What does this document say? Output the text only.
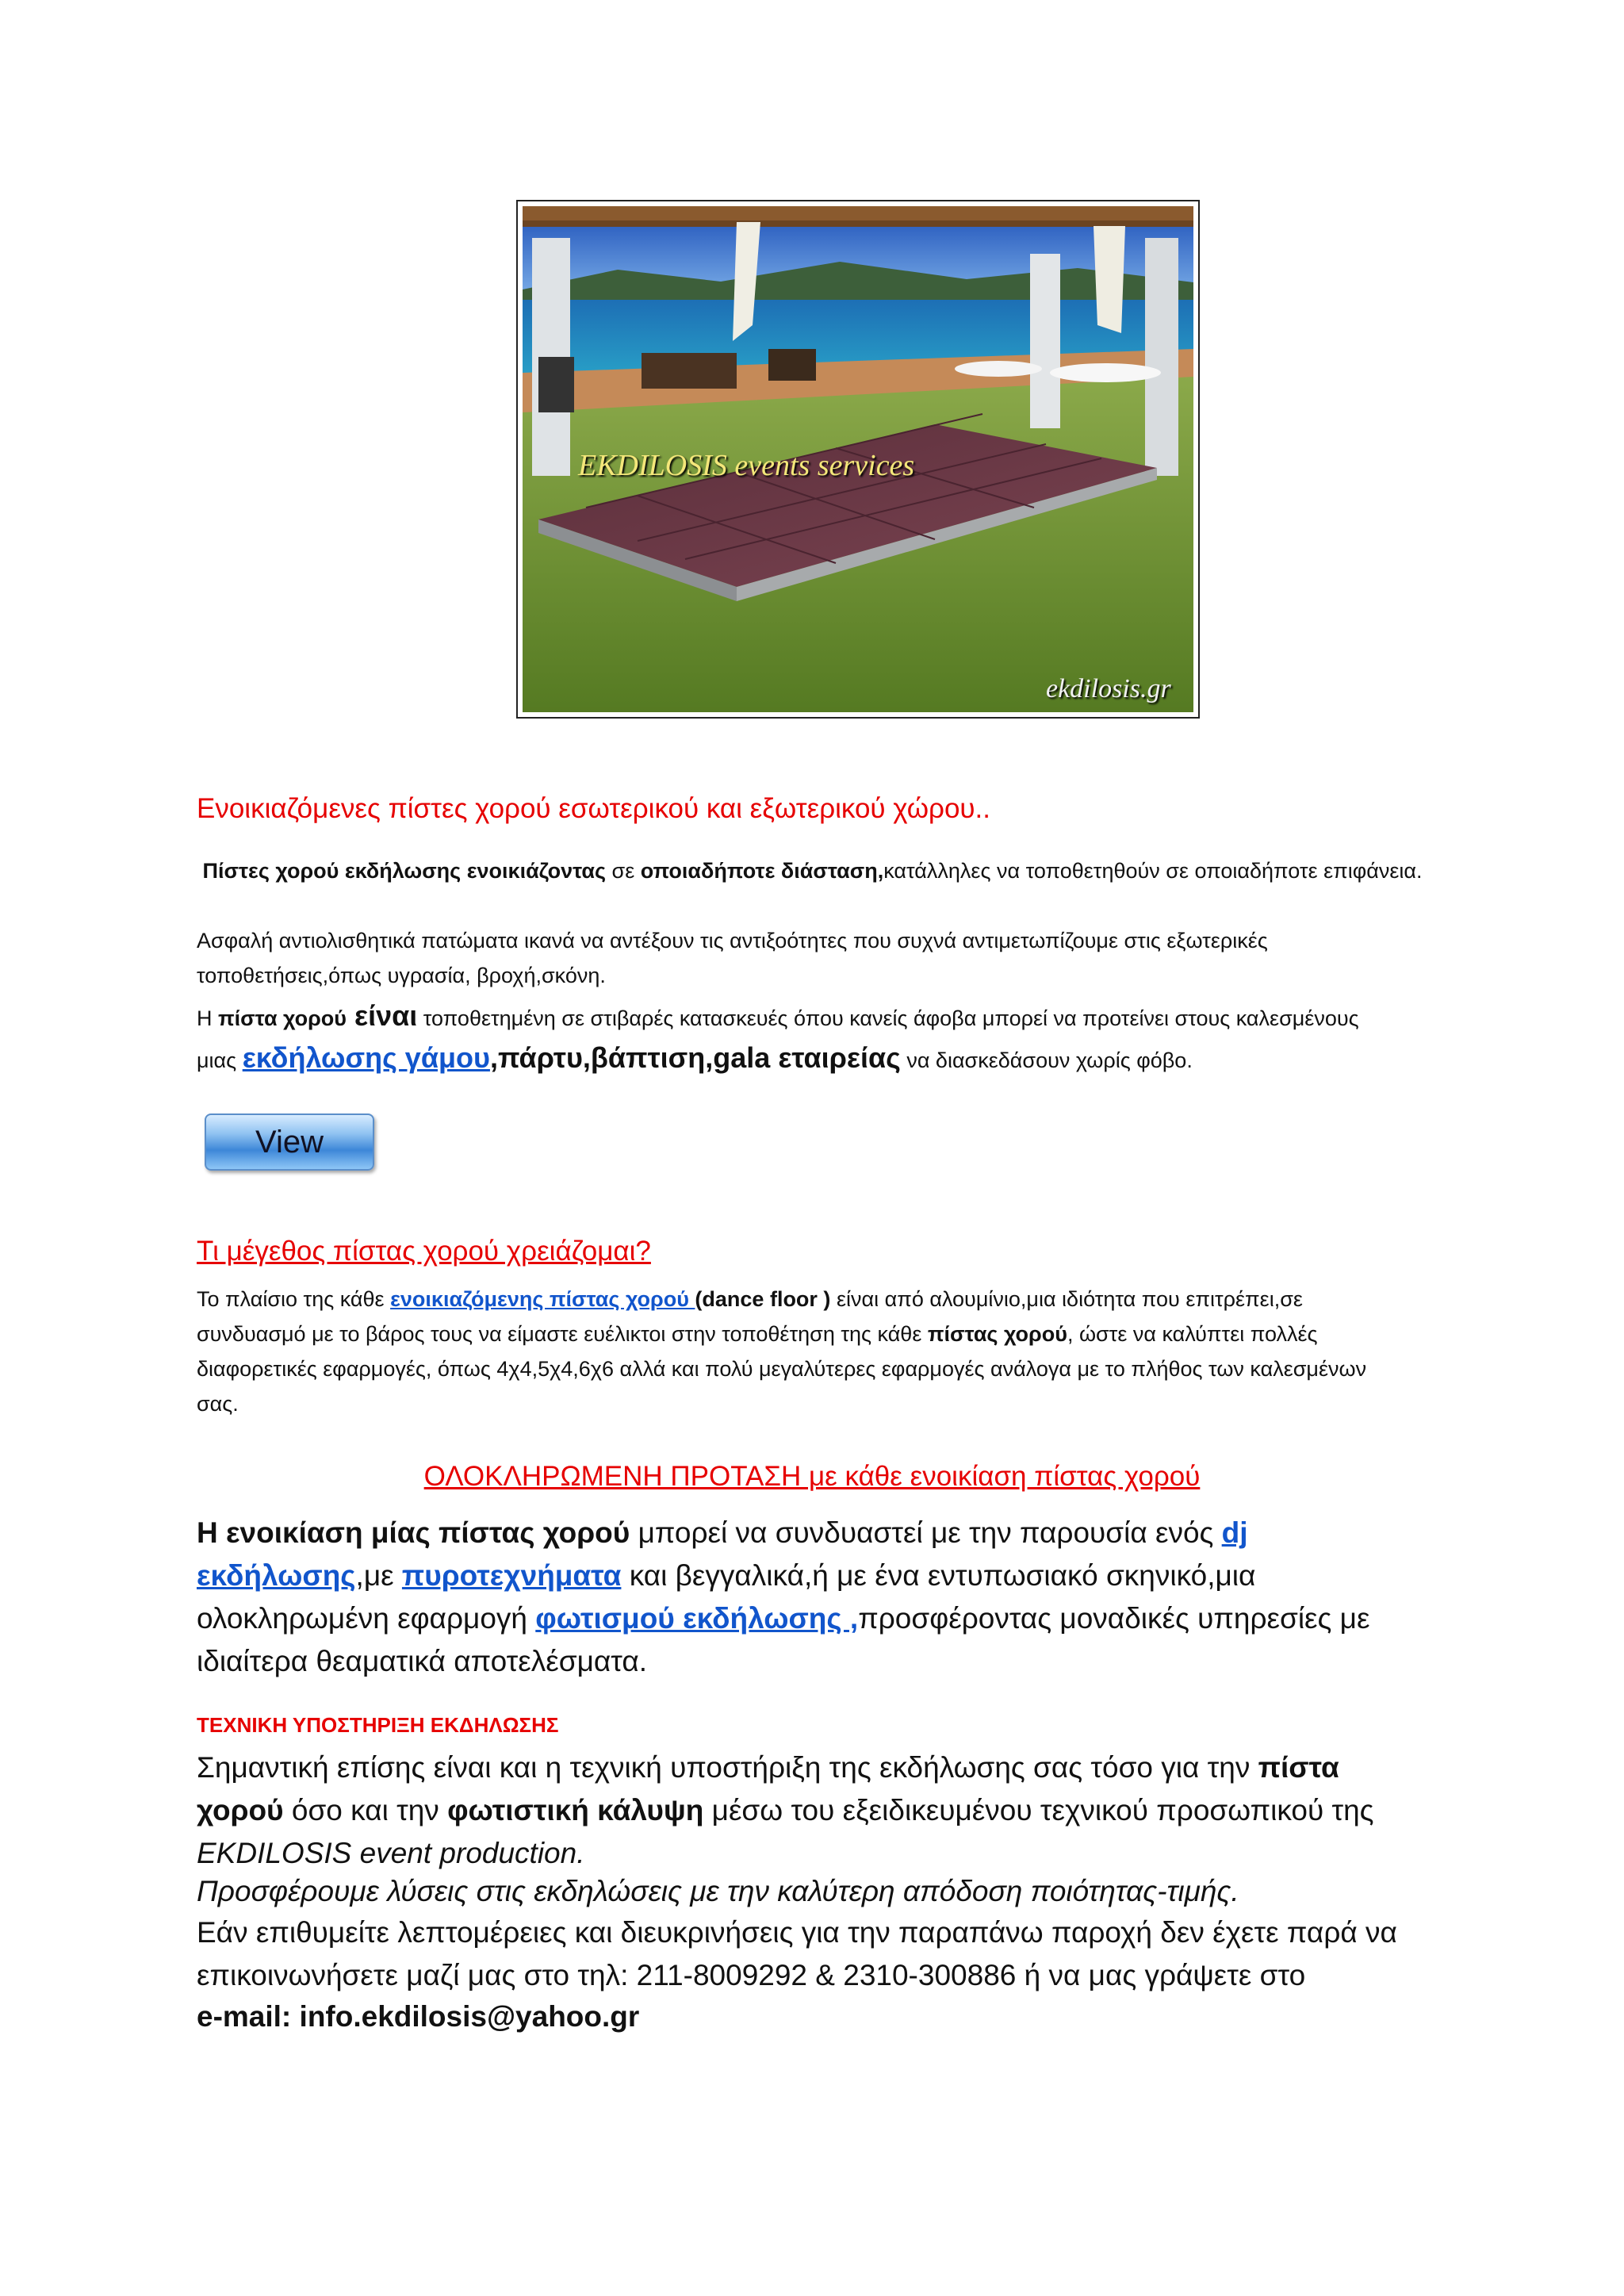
EKDILOSIS events services
ekdilosis.gr
Ενοικιαζόμενες πίστες χορού εσωτερικού και εξωτερικού χώρου..
Πίστες χορού εκδήλωσης ενοικιάζοντας σε οποιαδήποτε διάσταση,κατάλληλες να τοποθετηθούν σε οποιαδήποτε επιφάνεια.
Ασφαλή αντιολισθητικά πατώματα ικανά να αντέξουν τις αντιξοότητες που συχνά αντιμετωπίζουμε στις εξωτερικές τοποθετήσεις,όπως υγρασία, βροχή,σκόνη.
Η πίστα χορού είναι τοποθετημένη σε στιβαρές κατασκευές όπου κανείς άφοβα μπορεί να προτείνει στους καλεσμένους μιας εκδήλωσης γάμου,πάρτυ,βάπτιση,gala εταιρείας να διασκεδάσουν χωρίς φόβο.
View
Τι μέγεθος πίστας χορού χρειάζομαι?
Το πλαίσιο της κάθε ενοικιαζόμενης πίστας χορού (dance floor ) είναι από αλουμίνιο,μια ιδιότητα που επιτρέπει,σε συνδυασμό με το βάρος τους να είμαστε ευέλικτοι στην τοποθέτηση της κάθε πίστας χορού, ώστε να καλύπτει πολλές διαφορετικές εφαρμογές, όπως 4χ4,5χ4,6χ6 αλλά και πολύ μεγαλύτερες εφαρμογές ανάλογα με το πλήθος των καλεσμένων σας.
ΟΛΟΚΛΗΡΩΜΕΝΗ ΠΡΟΤΑΣΗ με κάθε ενοικίαση πίστας χορού
Η ενοικίαση μίας πίστας χορού μπορεί να συνδυαστεί με την παρουσία ενός dj εκδήλωσης,με πυροτεχνήματα και βεγγαλικά,ή με ένα εντυπωσιακό σκηνικό,μια ολοκληρωμένη εφαρμογή φωτισμού εκδήλωσης ,προσφέροντας μοναδικές υπηρεσίες με ιδιαίτερα θεαματικά αποτελέσματα.
ΤΕΧΝΙΚΗ ΥΠΟΣΤΗΡΙΞΗ ΕΚΔΗΛΩΣΗΣ
Σημαντική επίσης είναι και η τεχνική υποστήριξη της εκδήλωσης σας τόσο για την πίστα χορού όσο και την φωτιστική κάλυψη μέσω του εξειδικευμένου τεχνικού προσωπικού της EKDILOSIS event production.
Προσφέρουμε λύσεις στις εκδηλώσεις με την καλύτερη απόδοση ποιότητας-τιμής.
Εάν επιθυμείτε λεπτομέρειες και διευκρινήσεις για την παραπάνω παροχή δεν έχετε παρά να επικοινωνήσετε μαζί μας στο τηλ: 211-8009292 & 2310-300886 ή να μας γράψετε στο
e-mail: info.ekdilosis@yahoo.gr
